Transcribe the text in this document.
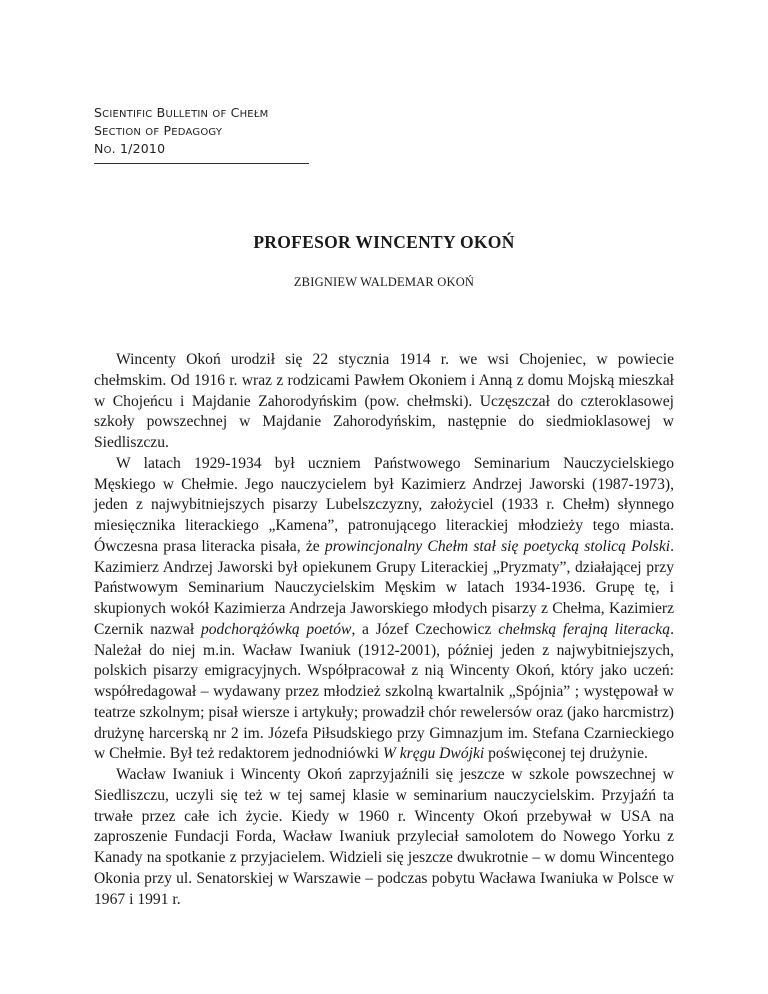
SCIENTIFIC BULLETIN OF CHEŁM
SECTION OF PEDAGOGY
NO. 1/2010
PROFESOR WINCENTY OKOŃ
ZBIGNIEW WALDEMAR OKOŃ

Wincenty Okoń urodził się 22 stycznia 1914 r. we wsi Chojeniec, w powiecie chełmskim. Od 1916 r. wraz z rodzicami Pawłem Okoniem i Anną z domu Mojską mieszkał w Chojeńcu i Majdanie Zahorodyńskim (pow. chełmski). Uczęszczał do czteroklasowej szkoły powszechnej w Majdanie Zahorodyńskim, następnie do siedmioklasowej w Siedliszczu.

W latach 1929-1934 był uczniem Państwowego Seminarium Nauczycielskiego Męskiego w Chełmie. Jego nauczycielem był Kazimierz Andrzej Jaworski (1987-1973), jeden z najwybitniejszych pisarzy Lubelszczyzny, założyciel (1933 r. Chełm) słynnego miesięcznika literackiego „Kamena”, patronującego literackiej młodzieży tego miasta. Ówczesna prasa literacka pisała, że prowincjonalny Chełm stał się poetycką stolicą Polski. Kazimierz Andrzej Jaworski był opiekunem Grupy Literackiej „Pryzmaty”, działającej przy Państwowym Seminarium Nauczycielskim Męskim w latach 1934-1936. Grupę tę, i skupionych wokół Kazimierza Andrzeja Jaworskiego młodych pisarzy z Chełma, Kazimierz Czernik nazwał podchorążówką poetów, a Józef Czechowicz chełmską ferajną literacką. Należał do niej m.in. Wacław Iwaniuk (1912-2001), później jeden z najwybitniejszych, polskich pisarzy emigracyjnych. Współpracował z nią Wincenty Okoń, który jako uczeń: współredagował – wydawany przez młodzież szkolną kwartalnik „Spójnia” ; występował w teatrze szkolnym; pisał wiersze i artykuły; prowadził chór rewelersów oraz (jako harcmistrz) drużynę harcerską nr 2 im. Józefa Piłsudskiego przy Gimnazjum im. Stefana Czarnieckiego w Chełmie. Był też redaktorem jednodniówki W kręgu Dwójki poświęconej tej drużynie.

Wacław Iwaniuk i Wincenty Okoń zaprzyjaźnili się jeszcze w szkole powszechnej w Siedliszczu, uczyli się też w tej samej klasie w seminarium nauczycielskim. Przyjaźń ta trwałe przez całe ich życie. Kiedy w 1960 r. Wincenty Okoń przebywał w USA na zaproszenie Fundacji Forda, Wacław Iwaniuk przyleciał samolotem do Nowego Yorku z Kanady na spotkanie z przyjacielem. Widzieli się jeszcze dwukrotnie – w domu Wincentego Okonia przy ul. Senatorskiej w Warszawie – podczas pobytu Wacława Iwaniuka w Polsce w 1967 i 1991 r.
